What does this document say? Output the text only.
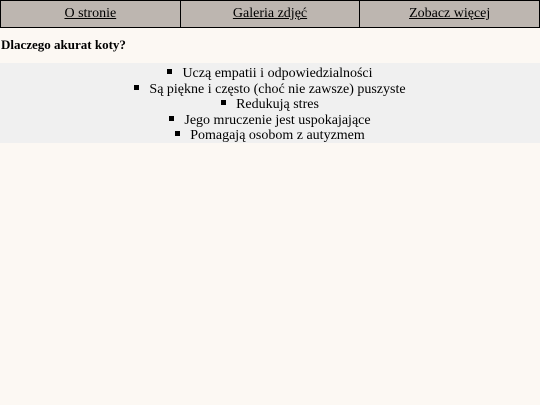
O stronie	Galeria zdjęć	Zobacz więcej
Dlaczego akurat koty?
Uczą empatii i odpowiedzialności
Są piękne i często (choć nie zawsze) puszyste
Redukują stres
Jego mruczenie jest uspokajające
Pomagają osobom z autyzmem
